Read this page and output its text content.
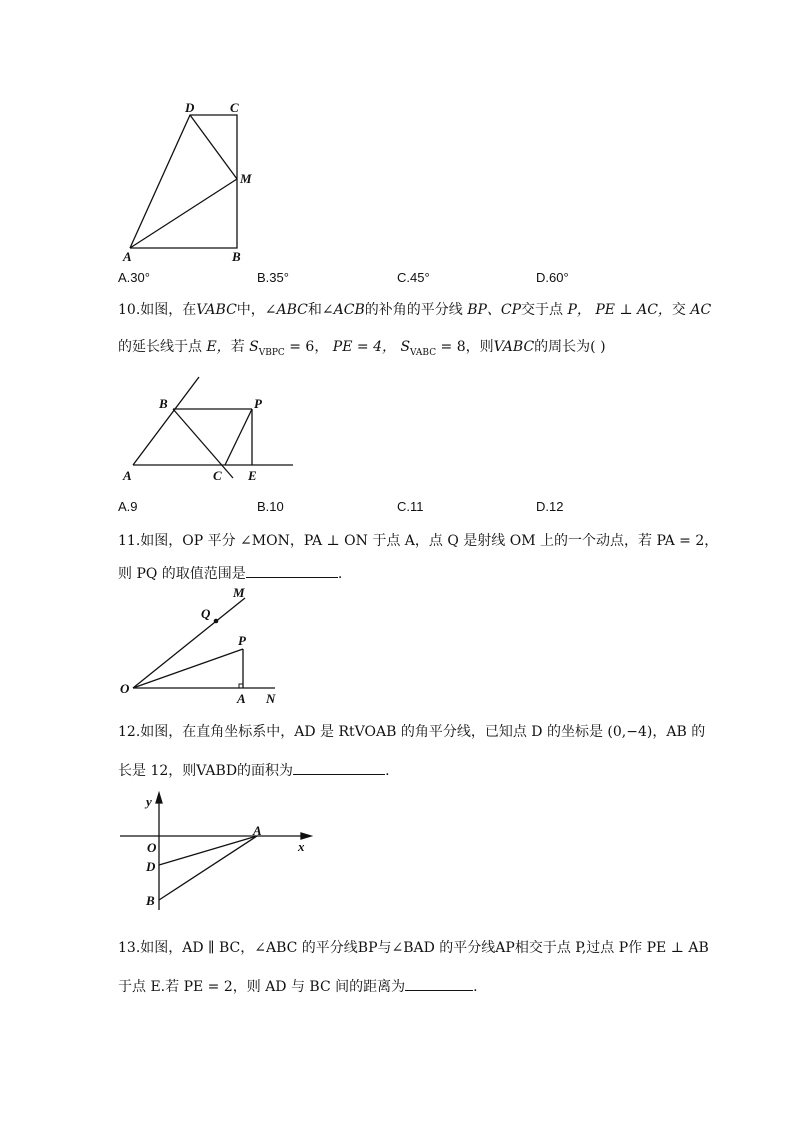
D	C
M
A	B
A.30°	B.35°	C.45°	D.60°
10.如图，在VABC中，∠ABC和∠ACB的补角的平分线 BP、CP交于点 P， PE ⊥ AC，交 AC
的延长线于点 E，若 $S_{VBPC} = 6$， PE = 4， $S_{VABC} = 8$，则VABC的周长为( )
B	P
A	C E
A.9	B.10	C.11	D.12
11.如图，OP 平分 ∠MON，PA ⊥ ON 于点 A，点 Q 是射线 OM 上的一个动点，若 PA = 2，
则 PQ 的取值范围是	.
M
Q
P
O
A N
12.如图，在直角坐标系中，AD 是 RtVOAB 的角平分线，已知点 D 的坐标是 (0,−4)，AB 的
长是 12，则VABD的面积为	.
y
x
O
A
D
B
13.如图，AD ∥ BC，∠ABC 的平分线BP与∠BAD 的平分线AP相交于点 P,过点 P作 PE ⊥ AB
于点 E.若 PE = 2，则 AD 与 BC 间的距离为	.
